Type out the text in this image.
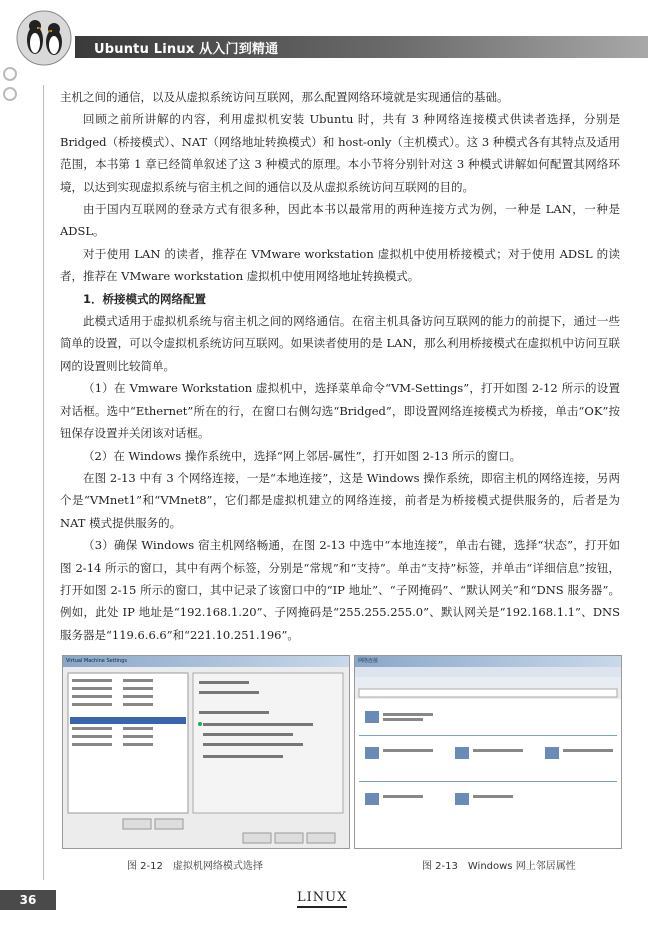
Ubuntu Linux 从入门到精通

主机之间的通信，以及从虚拟系统访问互联网，那么配置网络环境就是实现通信的基础。

回顾之前所讲解的内容，利用虚拟机安装 Ubuntu 时，共有 3 种网络连接模式供读者选择，分别是 Bridged（桥接模式）、NAT（网络地址转换模式）和 host-only（主机模式）。这 3 种模式各有其特点及适用范围，本书第 1 章已经简单叙述了这 3 种模式的原理。本小节将分别针对这 3 种模式讲解如何配置其网络环境，以达到实现虚拟系统与宿主机之间的通信以及从虚拟系统访问互联网的目的。

由于国内互联网的登录方式有很多种，因此本书以最常用的两种连接方式为例，一种是 LAN，一种是 ADSL。

对于使用 LAN 的读者，推荐在 VMware workstation 虚拟机中使用桥接模式；对于使用 ADSL 的读者，推荐在 VMware workstation 虚拟机中使用网络地址转换模式。

1．桥接模式的网络配置

此模式适用于虚拟机系统与宿主机之间的网络通信。在宿主机具备访问互联网的能力的前提下，通过一些简单的设置，可以令虚拟机系统访问互联网。如果读者使用的是 LAN，那么利用桥接模式在虚拟机中访问互联网的设置则比较简单。

（1）在 Vmware Workstation 虚拟机中，选择菜单命令“VM-Settings”，打开如图 2-12 所示的设置对话框。选中“Ethernet”所在的行，在窗口右侧勾选“Bridged”，即设置网络连接模式为桥接，单击“OK”按钮保存设置并关闭该对话框。

（2）在 Windows 操作系统中，选择“网上邻居-属性”，打开如图 2-13 所示的窗口。

在图 2-13 中有 3 个网络连接，一是“本地连接”，这是 Windows 操作系统，即宿主机的网络连接，另两个是“VMnet1”和“VMnet8”，它们都是虚拟机建立的网络连接，前者是为桥接模式提供服务的，后者是为 NAT 模式提供服务的。

（3）确保 Windows 宿主机网络畅通，在图 2-13 中选中“本地连接”，单击右键，选择“状态”，打开如图 2-14 所示的窗口，其中有两个标签，分别是“常规”和“支持”。单击“支持”标签，并单击“详细信息”按钮，打开如图 2-15 所示的窗口，其中记录了该窗口中的“IP 地址”、“子网掩码”、“默认网关”和“DNS 服务器”。例如，此处 IP 地址是“192.168.1.20”、子网掩码是“255.255.255.0”、默认网关是“192.168.1.1”、DNS 服务器是“119.6.6.6”和“221.10.251.196”。

Virtual Machine Settings	网络连接
图 2-12　虚拟机网络模式选择	图 2-13　Windows 网上邻居属性
36	LINUX
